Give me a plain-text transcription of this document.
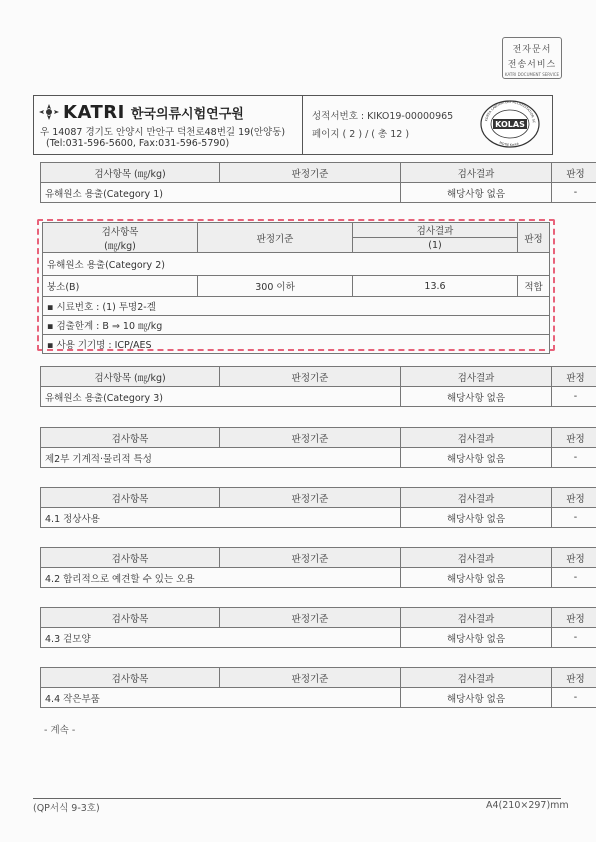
전자문서
전송서비스
KATRI DOCUMENT SERVICE
KATRI 한국의류시험연구원
우 14087 경기도 안양시 만안구 덕천로48번길 19(안양동)
(Tel:031-596-5600, Fax:031-596-5790)
성적서번호 : KIKO19-00000965
페이지 ( 2 ) / ( 총 12 )
KOREA LABORATORY ACCREDITATION SC
MOTIE Korea
KOLAS
검사항목 (㎎/kg)	판정기준	검사결과	판정
유해원소 용출(Category 1)		해당사항 없음	-
검사항목
(㎎/kg)	판정기준	검사결과	판정
		(1)	
유해원소 용출(Category 2)			
붕소(B)	300 이하	13.6	적합
▪ 시료번호 : (1) 투명2-겔			
▪ 검출한계 : B ⇒ 10 ㎎/kg			
▪ 사용 기기명 : ICP/AES			
검사항목 (㎎/kg)	판정기준	검사결과	판정
유해원소 용출(Category 3)		해당사항 없음	-
검사항목	판정기준	검사결과	판정
제2부 기계적·물리적 특성		해당사항 없음	-
검사항목	판정기준	검사결과	판정
4.1 정상사용		해당사항 없음	-
검사항목	판정기준	검사결과	판정
4.2 합리적으로 예견할 수 있는 오용		해당사항 없음	-
검사항목	판정기준	검사결과	판정
4.3 겉모양		해당사항 없음	-
검사항목	판정기준	검사결과	판정
4.4 작은부품		해당사항 없음	-
- 계속 -
(QP서식 9-3호)	A4(210×297)mm
